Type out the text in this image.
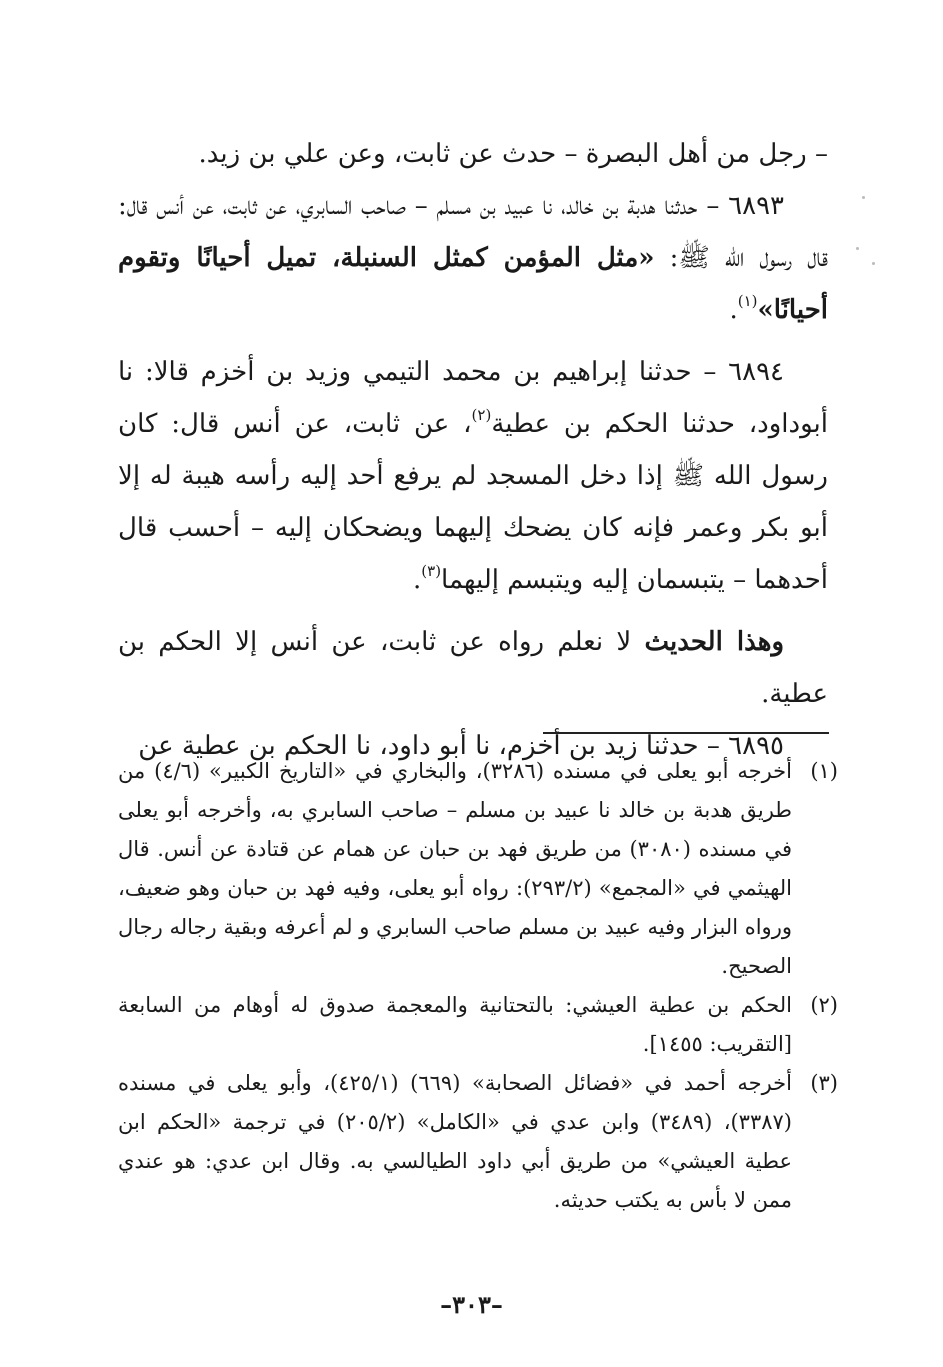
– رجل من أهل البصرة – حدث عن ثابت، وعن علي بن زيد.

٦٨٩٣ – حدثنا هدبة بن خالد، نا عبيد بن مسلم – صاحب السابري، عن ثابت، عن أنس قال: قال رسول الله ﷺ: «مثل المؤمن كمثل السنبلة، تميل أحيانًا وتقوم أحيانًا»$^{(١)}$.

٦٨٩٤ – حدثنا إبراهيم بن محمد التيمي وزيد بن أخزم قالا: نا أبوداود، حدثنا الحكم بن عطية$^{(٢)}$، عن ثابت، عن أنس قال: كان رسول الله ﷺ إذا دخل المسجد لم يرفع أحد إليه رأسه هيبة له إلا أبو بكر وعمر فإنه كان يضحك إليهما ويضحكان إليه – أحسب قال أحدهما – يتبسمان إليه ويتبسم إليهما$^{(٣)}$.

وهذا الحديث لا نعلم رواه عن ثابت، عن أنس إلا الحكم بن عطية.

٦٨٩٥ – حدثنا زيد بن أخزم، نا أبو داود، نا الحكم بن عطية عن

(١)
أخرجه أبو يعلى في مسنده (٣٢٨٦)، والبخاري في «التاريخ الكبير» (٤/٦) من طريق هدبة بن خالد نا عبيد بن مسلم – صاحب السابري به، وأخرجه أبو يعلى في مسنده (٣٠٨٠) من طريق فهد بن حبان عن همام عن قتادة عن أنس. قال الهيثمي في «المجمع» (٢٩٣/٢): رواه أبو يعلى، وفيه فهد بن حبان وهو ضعيف، ورواه البزار وفيه عبيد بن مسلم صاحب السابري و لم أعرفه وبقية رجاله رجال الصحيح.

(٢)
الحكم بن عطية العيشي: بالتحتانية والمعجمة صدوق له أوهام من السابعة [التقريب: ١٤٥٥].

(٣)
أخرجه أحمد في «فضائل الصحابة» (٦٦٩) (٤٢٥/١)، وأبو يعلى في مسنده (٣٣٨٧)، (٣٤٨٩) وابن عدي في «الكامل» (٢٠٥/٢) في ترجمة «الحكم ابن عطية العيشي» من طريق أبي داود الطيالسي به. وقال ابن عدي: هو عندي ممن لا بأس به يكتب حديثه.

–٣٠٣–
